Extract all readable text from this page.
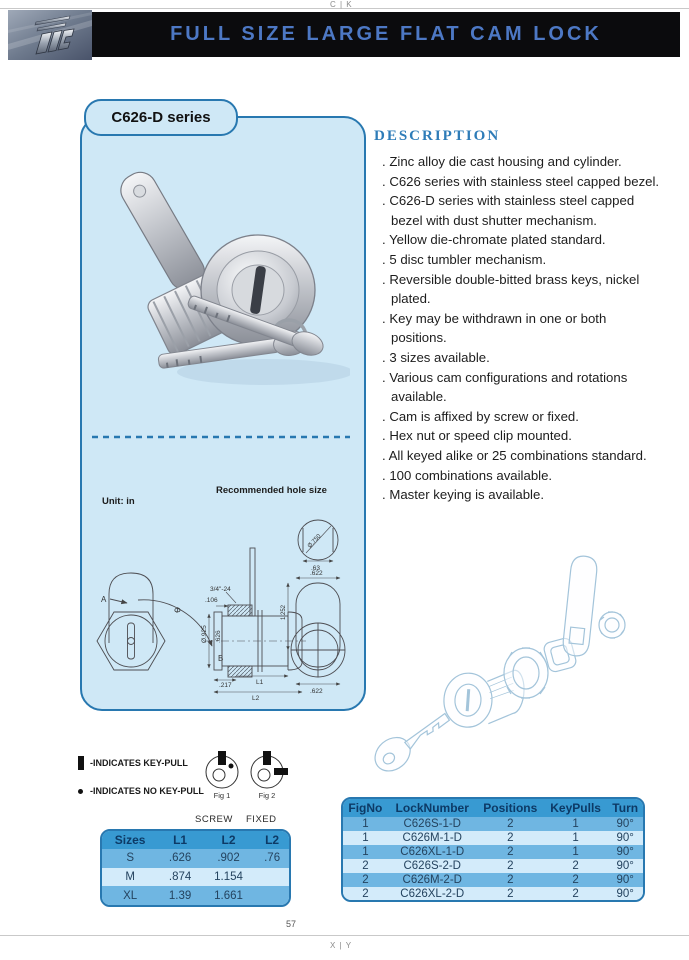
C | K
X | Y
FULL SIZE LARGE FLAT CAM LOCK
C626-D series
Recommended hole size
Unit: in
A
Φ
B
3/4"-24
.106
Ø.925 .626
.217	L1
L2
Ø.750
.63
.622
1.252
.622
DESCRIPTION
. Zinc alloy die cast housing and cylinder.
. C626 series with stainless steel capped bezel.
. C626-D series with stainless steel capped bezel with dust shutter mechanism.
. Yellow die-chromate plated standard.
. 5 disc tumbler mechanism.
. Reversible double-bitted brass keys, nickel plated.
. Key may be withdrawn in one or both positions.
. 3 sizes available.
. Various cam configurations and rotations available.
. Cam is affixed by screw or fixed.
. Hex nut or speed clip mounted.
. All keyed alike or 25 combinations standard.
. 100 combinations available.
. Master keying is available.
-INDICATES KEY-PULL
-INDICATES NO KEY-PULL Fig 1	Fig 2
SCREW FIXED
Sizes	L1	L2	L2
S	.626	.902	.76
M	.874	1.154	
XL	1.39	1.661	
FigNo	LockNumber	Positions	KeyPulls	Turn
1	C626S-1-D	2	1	90°
1	C626M-1-D	2	1	90°
1	C626XL-1-D	2	1	90°
2	C626S-2-D	2	2	90°
2	C626M-2-D	2	2	90°
2	C626XL-2-D	2	2	90°
57
